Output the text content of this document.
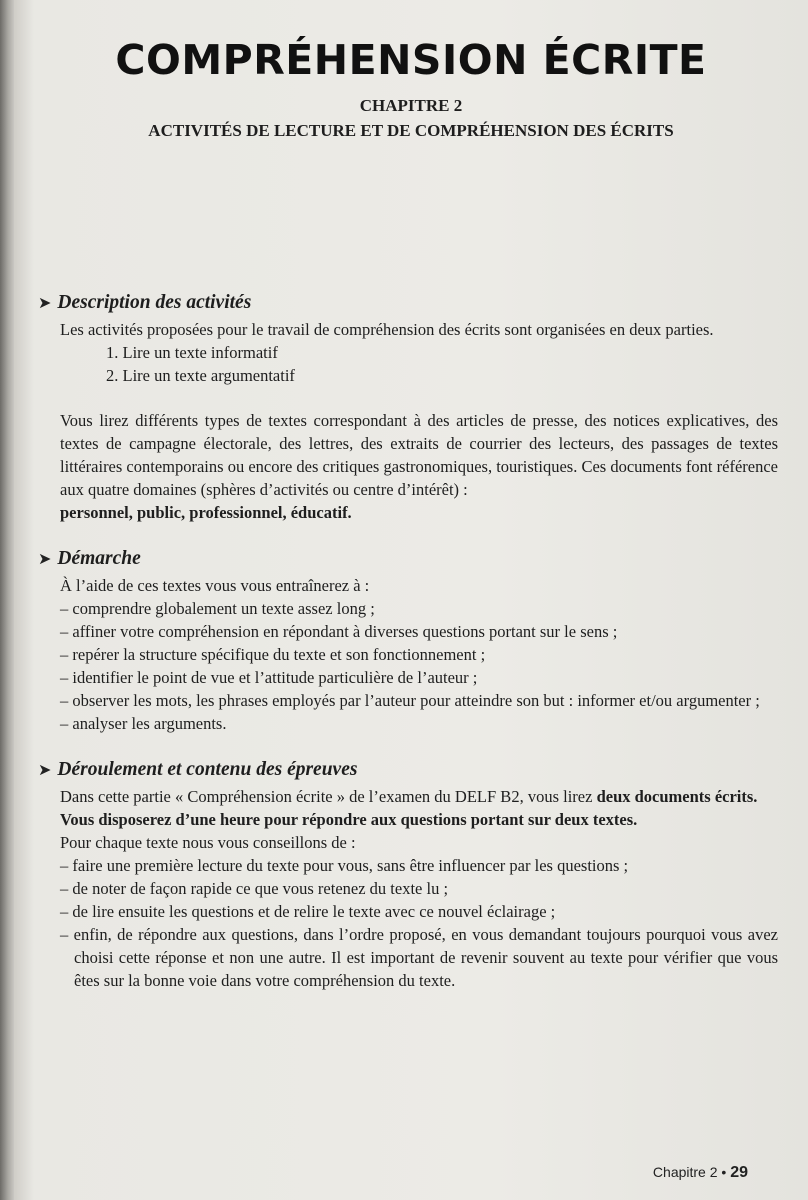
COMPRÉHENSION ÉCRITE
CHAPITRE 2
ACTIVITÉS DE LECTURE ET DE COMPRÉHENSION DES ÉCRITS
➤ Description des activités
Les activités proposées pour le travail de compréhension des écrits sont organisées en deux parties.
1. Lire un texte informatif
2. Lire un texte argumentatif
Vous lirez différents types de textes correspondant à des articles de presse, des notices explicatives, des textes de campagne électorale, des lettres, des extraits de courrier des lecteurs, des passages de textes littéraires contemporains ou encore des critiques gastronomiques, touristiques. Ces documents font référence aux quatre domaines (sphères d’activités ou centre d’intérêt) :
personnel, public, professionnel, éducatif.
➤ Démarche
À l’aide de ces textes vous vous entraînerez à :
– comprendre globalement un texte assez long ;
– affiner votre compréhension en répondant à diverses questions portant sur le sens ;
– repérer la structure spécifique du texte et son fonctionnement ;
– identifier le point de vue et l’attitude particulière de l’auteur ;
– observer les mots, les phrases employés par l’auteur pour atteindre son but : informer et/ou argumenter ;
– analyser les arguments.
➤ Déroulement et contenu des épreuves
Dans cette partie « Compréhension écrite » de l’examen du DELF B2, vous lirez deux documents écrits.
Vous disposerez d’une heure pour répondre aux questions portant sur deux textes.
Pour chaque texte nous vous conseillons de :
– faire une première lecture du texte pour vous, sans être influencer par les questions ;
– de noter de façon rapide ce que vous retenez du texte lu ;
– de lire ensuite les questions et de relire le texte avec ce nouvel éclairage ;
– enfin, de répondre aux questions, dans l’ordre proposé, en vous demandant toujours pourquoi vous avez choisi cette réponse et non une autre. Il est important de revenir souvent au texte pour vérifier que vous êtes sur la bonne voie dans votre compréhension du texte.
Chapitre 2 • 29
